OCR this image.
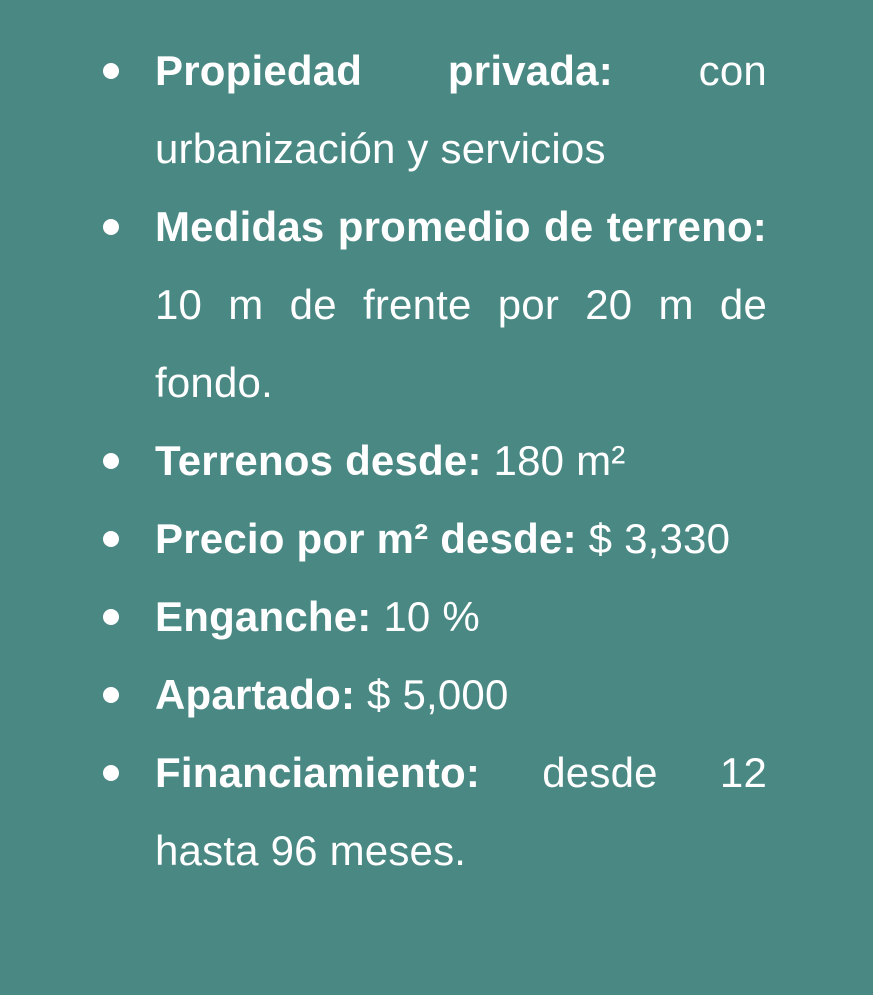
Propiedad privada: con urbanización y servicios
Medidas promedio de terreno: 10 m de frente por 20 m de fondo.
Terrenos desde: 180 m²
Precio por m² desde: $ 3,330
Enganche: 10 %
Apartado: $ 5,000
Financiamiento: desde 12 hasta 96 meses.
